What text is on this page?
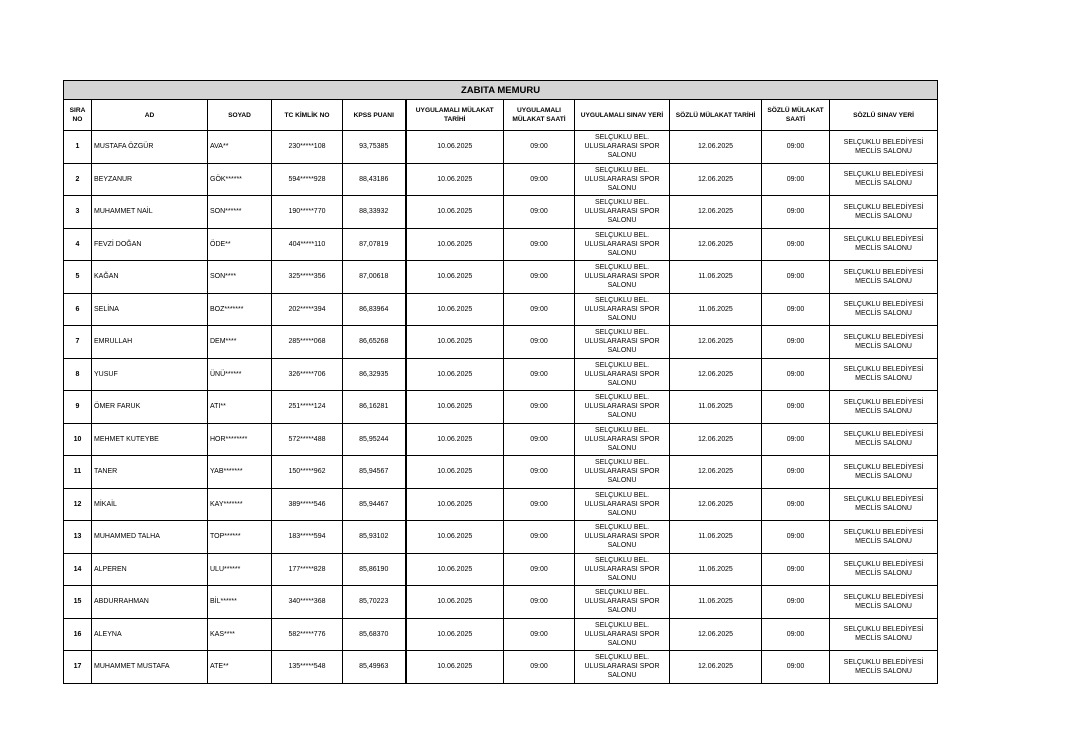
ZABITA MEMURU										
SIRA NO	AD	SOYAD	TC KİMLİK NO	KPSS PUANI	UYGULAMALI MÜLAKAT TARİHİ	UYGULAMALI MÜLAKAT SAATİ	UYGULAMALI SINAV YERİ	SÖZLÜ MÜLAKAT TARİHİ	SÖZLÜ MÜLAKAT SAATİ	SÖZLÜ SINAV YERİ
1	MUSTAFA ÖZGÜR	AVA**	230*****108	93,75385	10.06.2025	09:00	SELÇUKLU BEL. ULUSLARARASI SPOR SALONU	12.06.2025	09:00	SELÇUKLU BELEDİYESİ MECLİS SALONU
2	BEYZANUR	GÖK******	594*****928	88,43186	10.06.2025	09:00	SELÇUKLU BEL. ULUSLARARASI SPOR SALONU	12.06.2025	09:00	SELÇUKLU BELEDİYESİ MECLİS SALONU
3	MUHAMMET NAİL	SON******	190*****770	88,33932	10.06.2025	09:00	SELÇUKLU BEL. ULUSLARARASI SPOR SALONU	12.06.2025	09:00	SELÇUKLU BELEDİYESİ MECLİS SALONU
4	FEVZİ DOĞAN	ÖDE**	404*****110	87,07819	10.06.2025	09:00	SELÇUKLU BEL. ULUSLARARASI SPOR SALONU	12.06.2025	09:00	SELÇUKLU BELEDİYESİ MECLİS SALONU
5	KAĞAN	SON****	325*****356	87,00618	10.06.2025	09:00	SELÇUKLU BEL. ULUSLARARASI SPOR SALONU	11.06.2025	09:00	SELÇUKLU BELEDİYESİ MECLİS SALONU
6	SELİNA	BOZ*******	202*****394	86,83964	10.06.2025	09:00	SELÇUKLU BEL. ULUSLARARASI SPOR SALONU	11.06.2025	09:00	SELÇUKLU BELEDİYESİ MECLİS SALONU
7	EMRULLAH	DEM****	285*****068	86,65268	10.06.2025	09:00	SELÇUKLU BEL. ULUSLARARASI SPOR SALONU	12.06.2025	09:00	SELÇUKLU BELEDİYESİ MECLİS SALONU
8	YUSUF	ÜNÜ******	326*****706	86,32935	10.06.2025	09:00	SELÇUKLU BEL. ULUSLARARASI SPOR SALONU	12.06.2025	09:00	SELÇUKLU BELEDİYESİ MECLİS SALONU
9	ÖMER FARUK	ATI**	251*****124	86,16281	10.06.2025	09:00	SELÇUKLU BEL. ULUSLARARASI SPOR SALONU	11.06.2025	09:00	SELÇUKLU BELEDİYESİ MECLİS SALONU
10	MEHMET KUTEYBE	HOR********	572*****488	85,95244	10.06.2025	09:00	SELÇUKLU BEL. ULUSLARARASI SPOR SALONU	12.06.2025	09:00	SELÇUKLU BELEDİYESİ MECLİS SALONU
11	TANER	YAB*******	150*****962	85,94567	10.06.2025	09:00	SELÇUKLU BEL. ULUSLARARASI SPOR SALONU	12.06.2025	09:00	SELÇUKLU BELEDİYESİ MECLİS SALONU
12	MİKAİL	KAY*******	389*****546	85,94467	10.06.2025	09:00	SELÇUKLU BEL. ULUSLARARASI SPOR SALONU	12.06.2025	09:00	SELÇUKLU BELEDİYESİ MECLİS SALONU
13	MUHAMMED TALHA	TOP******	183*****594	85,93102	10.06.2025	09:00	SELÇUKLU BEL. ULUSLARARASI SPOR SALONU	11.06.2025	09:00	SELÇUKLU BELEDİYESİ MECLİS SALONU
14	ALPEREN	ULU******	177*****828	85,86190	10.06.2025	09:00	SELÇUKLU BEL. ULUSLARARASI SPOR SALONU	11.06.2025	09:00	SELÇUKLU BELEDİYESİ MECLİS SALONU
15	ABDURRAHMAN	BİL******	340*****368	85,70223	10.06.2025	09:00	SELÇUKLU BEL. ULUSLARARASI SPOR SALONU	11.06.2025	09:00	SELÇUKLU BELEDİYESİ MECLİS SALONU
16	ALEYNA	KAS****	582*****776	85,68370	10.06.2025	09:00	SELÇUKLU BEL. ULUSLARARASI SPOR SALONU	12.06.2025	09:00	SELÇUKLU BELEDİYESİ MECLİS SALONU
17	MUHAMMET MUSTAFA	ATE**	135*****548	85,49963	10.06.2025	09:00	SELÇUKLU BEL. ULUSLARARASI SPOR SALONU	12.06.2025	09:00	SELÇUKLU BELEDİYESİ MECLİS SALONU
